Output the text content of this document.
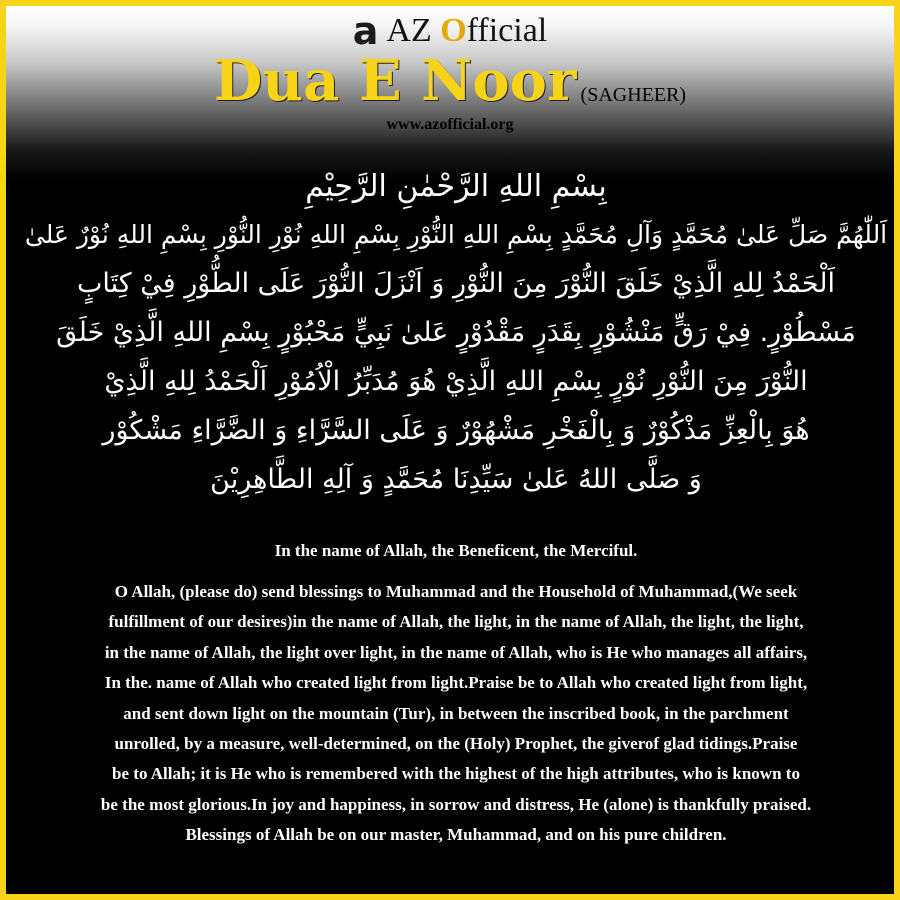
a AZ Official
Dua E Noor (SAGHEER)
www.azofficial.org
بِسْمِ اللهِ الرَّحْمٰنِ الرَّحِيْمِ
اَللّٰهُمَّ صَلِّ عَلىٰ مُحَمَّدٍ وَآلِ مُحَمَّدٍ بِسْمِ اللهِ النُّوْرِ بِسْمِ اللهِ نُوْرِ النُّوْرِ بِسْمِ اللهِ نُوْرٌ عَلىٰ
اَلْحَمْدُ لِلهِ الَّذِيْ خَلَقَ النُّوْرَ مِنَ النُّوْرِ وَ اَنْزَلَ النُّوْرَ عَلَى الطُّوْرِ فِيْ كِتَابٍ
مَسْطُوْرٍ. فِيْ رَقٍّ مَنْشُوْرٍ بِقَدَرٍ مَقْدُوْرٍ عَلىٰ نَبِيٍّ مَحْبُوْرٍ بِسْمِ اللهِ الَّذِيْ خَلَقَ
النُّوْرَ مِنَ النُّوْرِ نُوْرٍ بِسْمِ اللهِ الَّذِيْ هُوَ مُدَبِّرُ الْاُمُوْرِ اَلْحَمْدُ لِلهِ الَّذِيْ
هُوَ بِالْعِزِّ مَذْكُوْرٌ وَ بِالْفَخْرِ مَشْهُوْرٌ وَ عَلَى السَّرَّاءِ وَ الضَّرَّاءِ مَشْكُوْر
وَ صَلَّى اللهُ عَلىٰ سَيِّدِنَا مُحَمَّدٍ وَ آلِهِ الطَّاهِرِيْنَ
In the name of Allah, the Beneficent, the Merciful.
O Allah, (please do) send blessings to Muhammad and the Household of Muhammad,(We seek
fulfillment of our desires)in the name of Allah, the light, in the name of Allah, the light, the light,
in the name of Allah, the light over light, in the name of Allah, who is He who manages all affairs,
In the. name of Allah who created light from light.Praise be to Allah who created light from light,
and sent down light on the mountain (Tur), in between the inscribed book, in the parchment
unrolled, by a measure, well-determined, on the (Holy) Prophet, the giverof glad tidings.Praise
be to Allah; it is He who is remembered with the highest of the high attributes, who is known to
be the most glorious.In joy and happiness, in sorrow and distress, He (alone) is thankfully praised.
Blessings of Allah be on our master, Muhammad, and on his pure children.
